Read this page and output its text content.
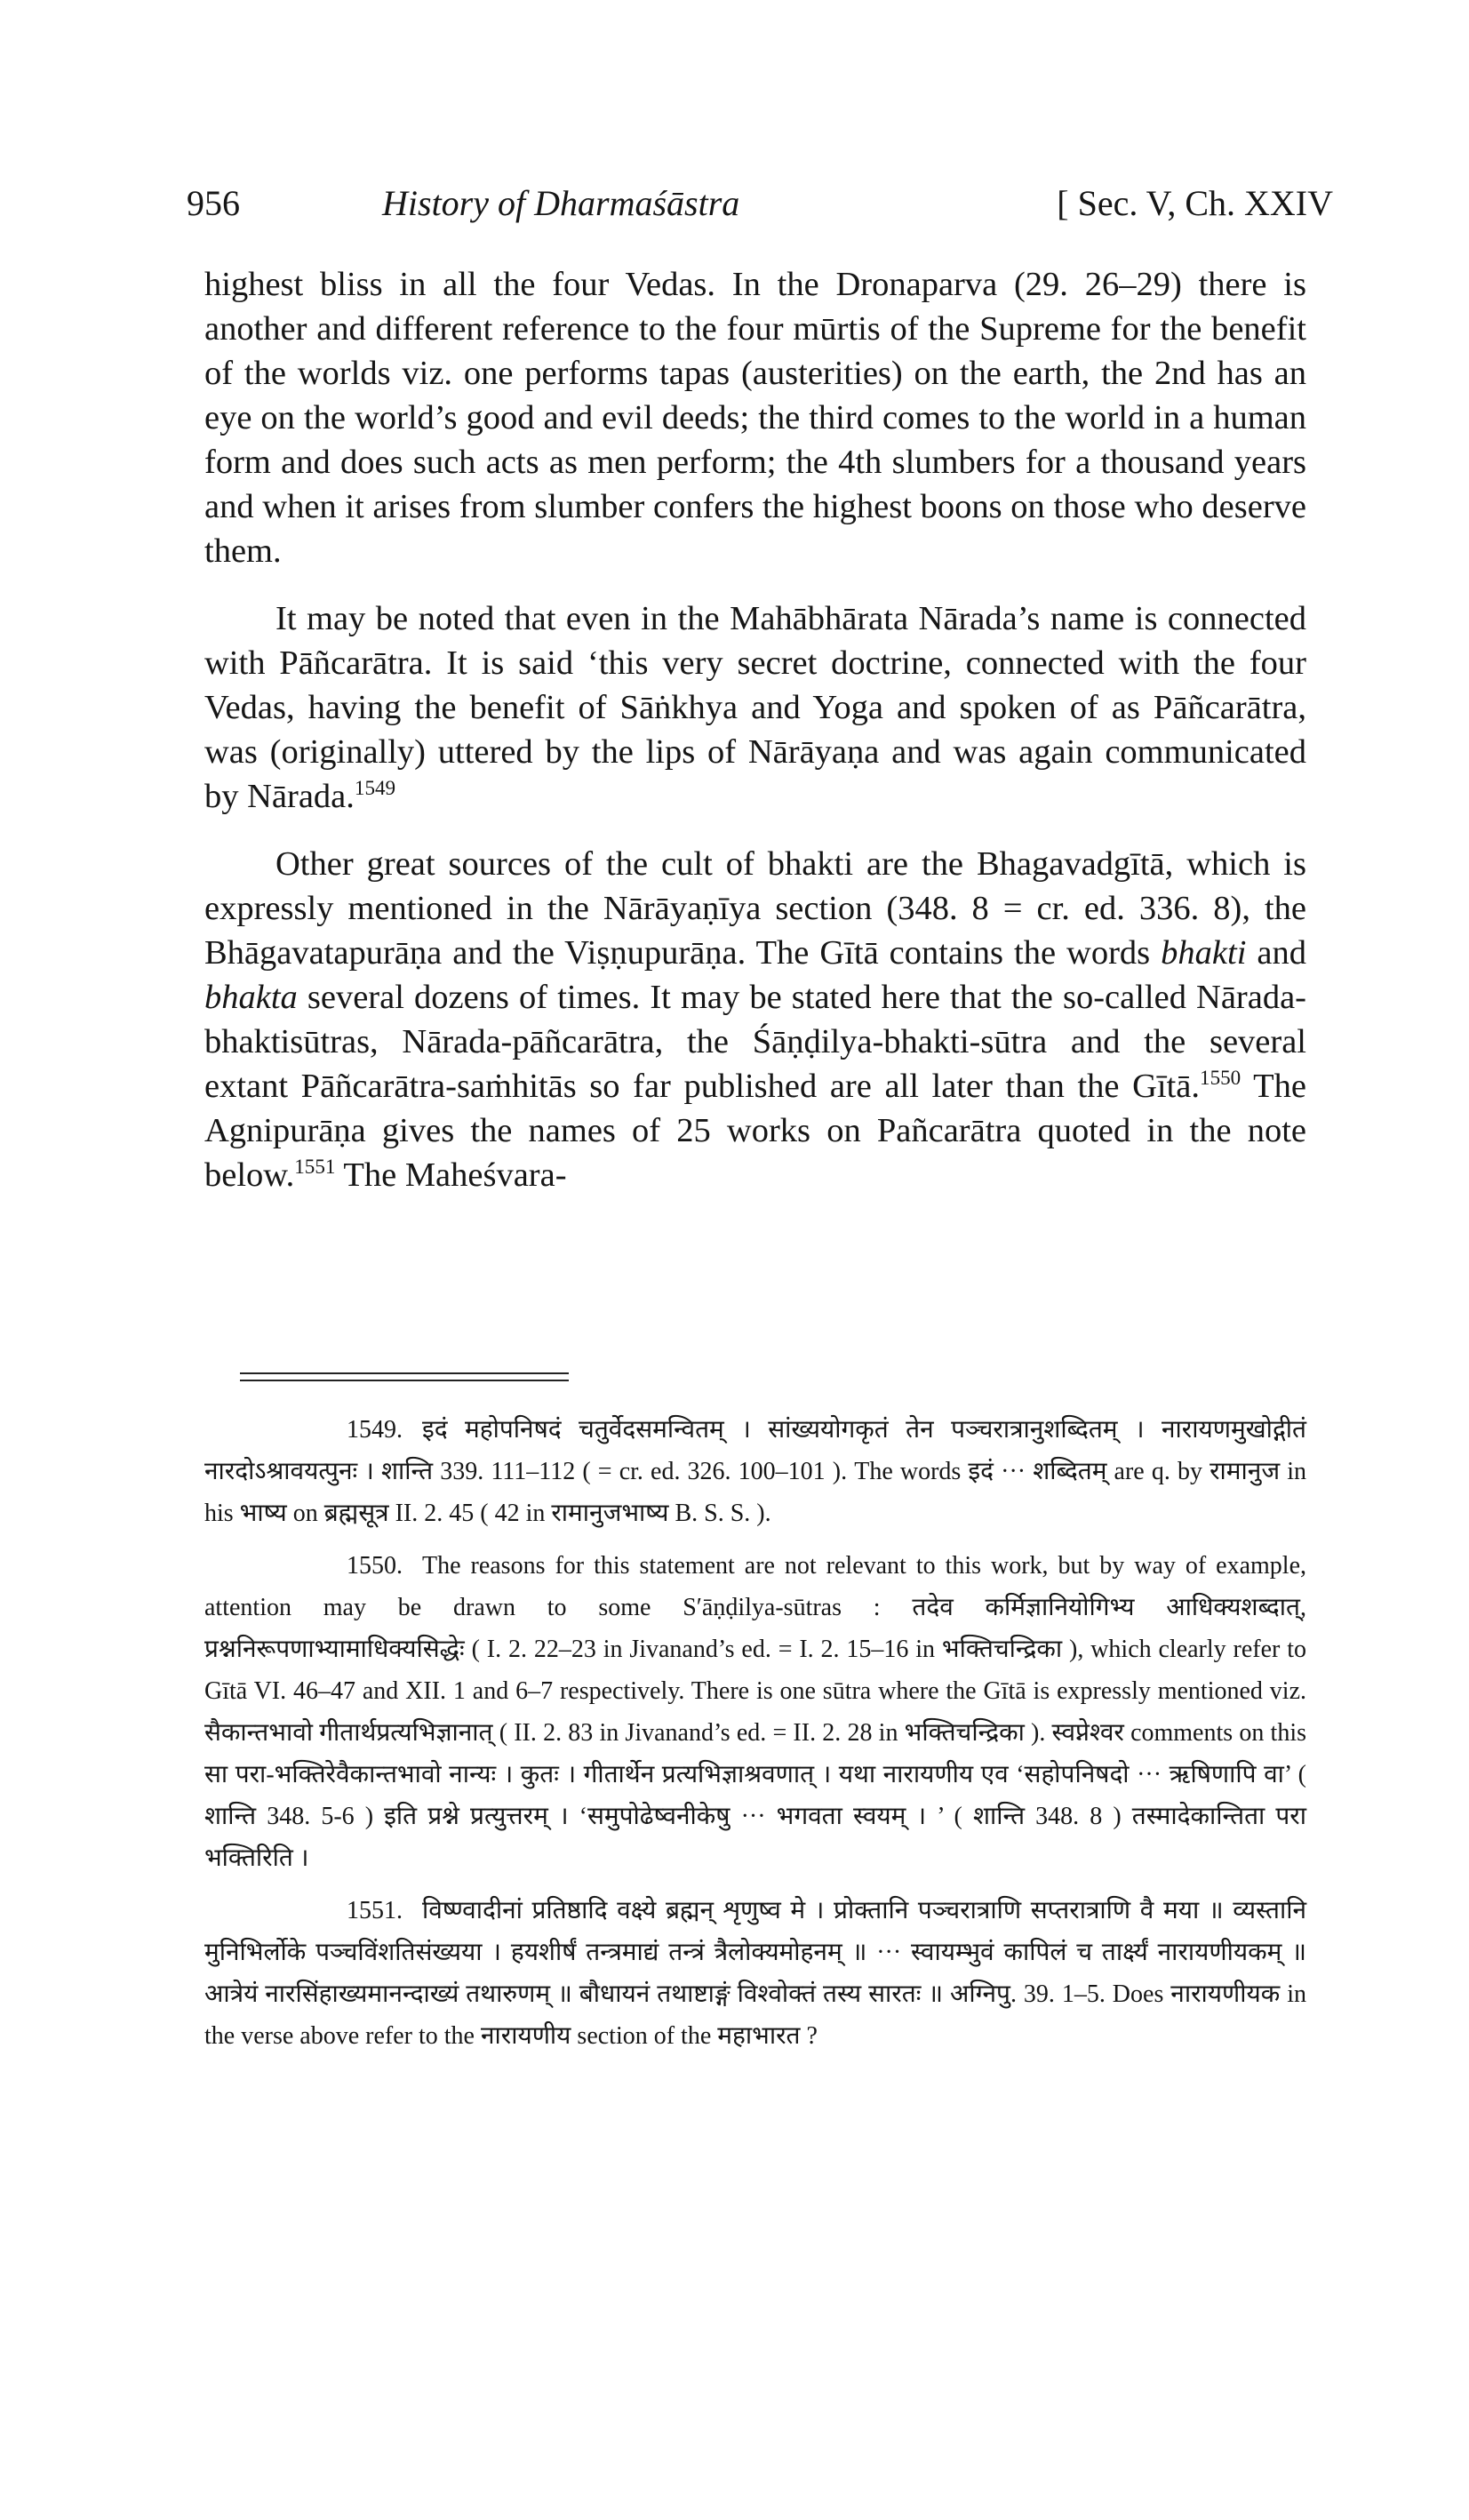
956	History of Dharmaśāstra	[ Sec. V, Ch. XXIV

highest bliss in all the four Vedas. In the Dronaparva (29. 26–29) there is another and different reference to the four mūrtis of the Supreme for the benefit of the worlds viz. one performs tapas (austerities) on the earth, the 2nd has an eye on the world’s good and evil deeds; the third comes to the world in a human form and does such acts as men perform; the 4th slumbers for a thousand years and when it arises from slumber confers the highest boons on those who deserve them.

It may be noted that even in the Mahābhārata Nārada’s name is connected with Pāñcarātra. It is said ‘this very secret doctrine, connected with the four Vedas, having the benefit of Sāṅkhya and Yoga and spoken of as Pāñcarātra, was (originally) uttered by the lips of Nārāyaṇa and was again communicated by Nārada.$^{1549}$

Other great sources of the cult of bhakti are the Bhagavadgītā, which is expressly mentioned in the Nārāyaṇīya section (348. 8 = cr. ed. 336. 8), the Bhāgavatapurāṇa and the Viṣṇupurāṇa. The Gītā contains the words bhakti and bhakta several dozens of times. It may be stated here that the so-called Nārada-bhaktisūtras, Nārada-pāñcarātra, the Śāṇḍilya-bhakti-sūtra and the several extant Pāñcarātra-saṁhitās so far published are all later than the Gītā.$^{1550}$ The Agnipurāṇa gives the names of 25 works on Pañcarātra quoted in the note below.$^{1551}$ The Maheśvara-

1549. इदं महोपनिषदं चतुर्वेदसमन्वितम् । सांख्ययोगकृतं तेन पञ्चरात्रानुशब्दितम् । नारायणमुखोद्गीतं नारदोऽश्रावयत्पुनः । शान्ति 339. 111–112 ( = cr. ed. 326. 100–101 ). The words इदं ··· शब्दितम् are q. by रामानुज in his भाष्य on ब्रह्मसूत्र II. 2. 45 ( 42 in रामानुजभाष्य B. S. S. ).

1550. The reasons for this statement are not relevant to this work, but by way of example, attention may be drawn to some S′āṇḍilya-sūtras : तदेव कर्मिज्ञानियोगिभ्य आधिक्यशब्दात्, प्रश्ननिरूपणाभ्यामाधिक्यसिद्धेः ( I. 2. 22–23 in Jivanand’s ed. = I. 2. 15–16 in भक्तिचन्द्रिका ), which clearly refer to Gītā VI. 46–47 and XII. 1 and 6–7 respectively. There is one sūtra where the Gītā is expressly mentioned viz. सैकान्तभावो गीतार्थप्रत्यभिज्ञानात् ( II. 2. 83 in Jivanand’s ed. = II. 2. 28 in भक्तिचन्द्रिका ). स्वप्नेश्वर comments on this सा परा-भक्तिरेवैकान्तभावो नान्यः । कुतः । गीतार्थेन प्रत्यभिज्ञाश्रवणात् । यथा नारायणीय एव ‘सहोपनिषदो ··· ऋषिणापि वा’ ( शान्ति 348. 5-6 ) इति प्रश्ने प्रत्युत्तरम् । ‘समुपोढेष्वनीकेषु ··· भगवता स्वयम् । ’ ( शान्ति 348. 8 ) तस्मादेकान्तिता परा भक्तिरिति ।

1551. विष्ण्वादीनां प्रतिष्ठादि वक्ष्ये ब्रह्मन् शृणुष्व मे । प्रोक्तानि पञ्चरात्राणि सप्तरात्राणि वै मया ॥ व्यस्तानि मुनिभिर्लोके पञ्चविंशतिसंख्यया । हयशीर्षं तन्त्रमाद्यं तन्त्रं त्रैलोक्यमोहनम् ॥ ··· स्वायम्भुवं कापिलं च तार्क्ष्यं नारायणीयकम् ॥ आत्रेयं नारसिंहाख्यमानन्दाख्यं तथारुणम् ॥ बौधायनं तथाष्टाङ्गं विश्वोक्तं तस्य सारतः ॥ अग्निपु. 39. 1–5. Does नारायणीयक in the verse above refer to the नारायणीय section of the महाभारत ?
